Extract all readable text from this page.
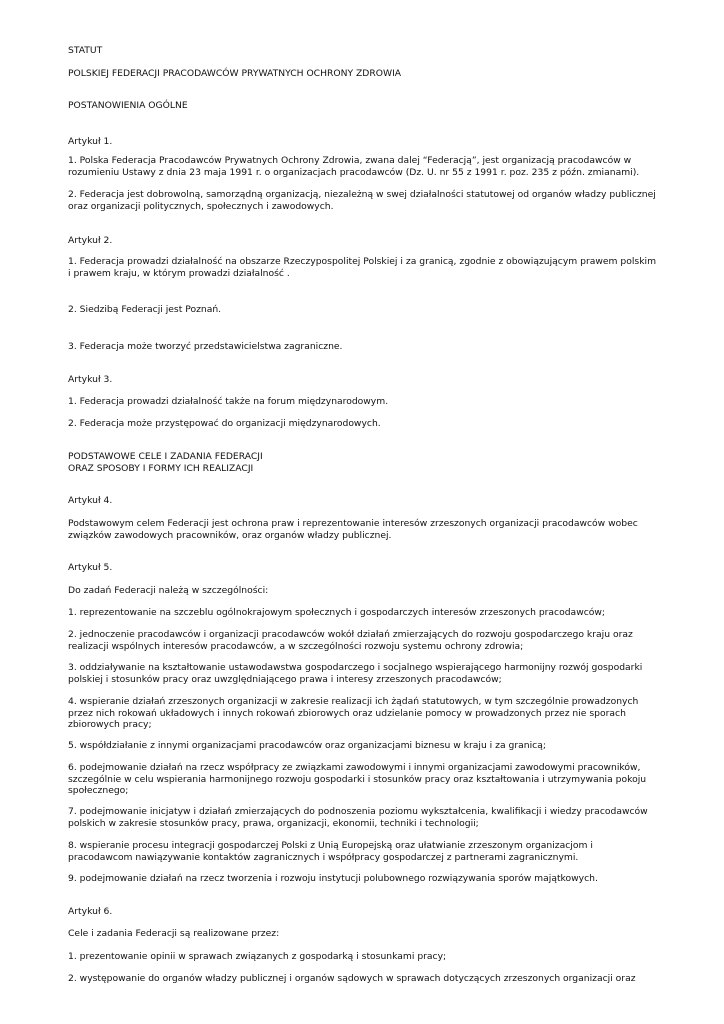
STATUT

POLSKIEJ FEDERACJI PRACODAWCÓW PRYWATNYCH OCHRONY ZDROWIA

POSTANOWIENIA OGÓLNE

Artykuł 1.

1. Polska Federacja Pracodawców Prywatnych Ochrony Zdrowia, zwana dalej “Federacją”, jest organizacją pracodawców w rozumieniu Ustawy z dnia 23 maja 1991 r. o organizacjach pracodawców (Dz. U. nr 55 z 1991 r. poz. 235 z późn. zmianami).

2. Federacja jest dobrowolną, samorządną organizacją, niezależną w swej działalności statutowej od organów władzy publicznej oraz organizacji politycznych, społecznych i zawodowych.

Artykuł 2.

1. Federacja prowadzi działalność na obszarze Rzeczypospolitej Polskiej i za granicą, zgodnie z obowiązującym prawem polskim i prawem kraju, w którym prowadzi działalność .

2. Siedzibą Federacji jest Poznań.

3. Federacja może tworzyć przedstawicielstwa zagraniczne.

Artykuł 3.

1. Federacja prowadzi działalność także na forum międzynarodowym.

2. Federacja może przystępować do organizacji międzynarodowych.

PODSTAWOWE CELE I ZADANIA FEDERACJI

ORAZ SPOSOBY I FORMY ICH REALIZACJI

Artykuł 4.

Podstawowym celem Federacji jest ochrona praw i reprezentowanie interesów zrzeszonych organizacji pracodawców wobec związków zawodowych pracowników, oraz organów władzy publicznej.

Artykuł 5.

Do zadań Federacji należą w szczególności:

1. reprezentowanie na szczeblu ogólnokrajowym społecznych i gospodarczych interesów zrzeszonych pracodawców;

2. jednoczenie pracodawców i organizacji pracodawców wokół działań zmierzających do rozwoju gospodarczego kraju oraz realizacji wspólnych interesów pracodawców, a w szczególności rozwoju systemu ochrony zdrowia;

3. oddziaływanie na kształtowanie ustawodawstwa gospodarczego i socjalnego wspierającego harmonijny rozwój gospodarki polskiej i stosunków pracy oraz uwzględniającego prawa i interesy zrzeszonych pracodawców;

4. wspieranie działań zrzeszonych organizacji w zakresie realizacji ich żądań statutowych, w tym szczególnie prowadzonych przez nich rokowań układowych i innych rokowań zbiorowych oraz udzielanie pomocy w prowadzonych przez nie sporach zbiorowych pracy;

5. współdziałanie z innymi organizacjami pracodawców oraz organizacjami biznesu w kraju i za granicą;

6. podejmowanie działań na rzecz współpracy ze związkami zawodowymi i innymi organizacjami zawodowymi pracowników, szczególnie w celu wspierania harmonijnego rozwoju gospodarki i stosunków pracy oraz kształtowania i utrzymywania pokoju społecznego;

7. podejmowanie inicjatyw i działań zmierzających do podnoszenia poziomu wykształcenia, kwalifikacji i wiedzy pracodawców polskich w zakresie stosunków pracy, prawa, organizacji, ekonomii, techniki i technologii;

8. wspieranie procesu integracji gospodarczej Polski z Unią Europejską oraz ułatwianie zrzeszonym organizacjom i pracodawcom nawiązywanie kontaktów zagranicznych i współpracy gospodarczej z partnerami zagranicznymi.

9. podejmowanie działań na rzecz tworzenia i rozwoju instytucji polubownego rozwiązywania sporów majątkowych.

Artykuł 6.

Cele i zadania Federacji są realizowane przez:

1. prezentowanie opinii w sprawach związanych z gospodarką i stosunkami pracy;

2. występowanie do organów władzy publicznej i organów sądowych w sprawach dotyczących zrzeszonych organizacji oraz
